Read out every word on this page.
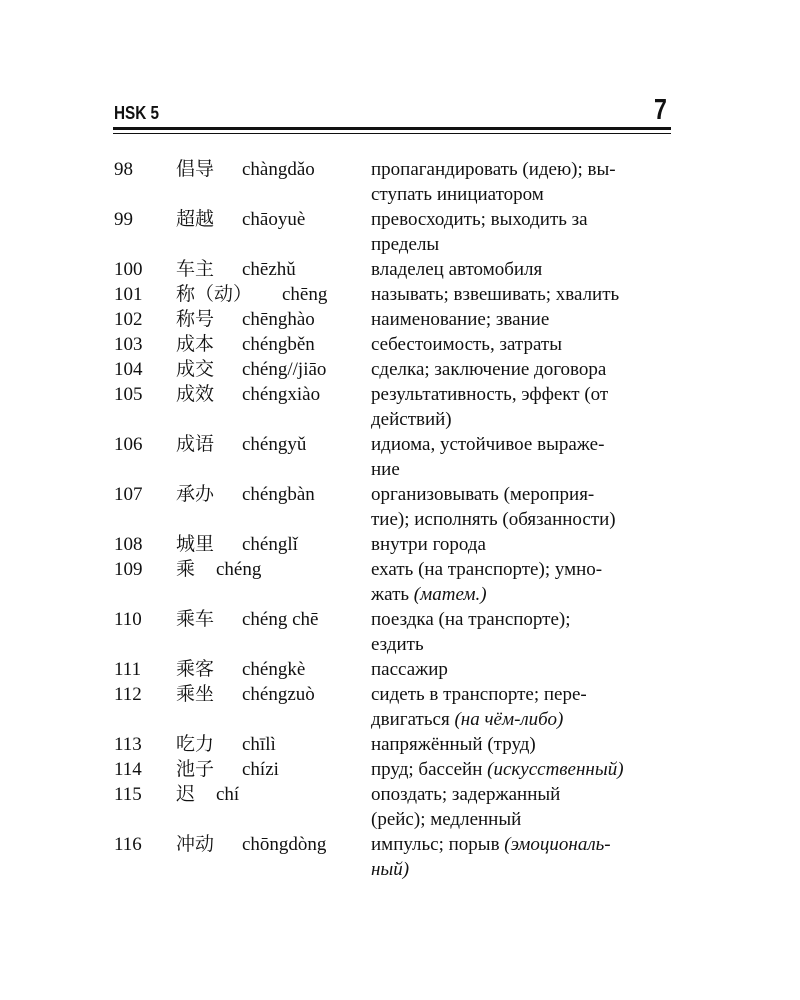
HSK 5	7
98 倡导 chàngdǎo	пропагандировать (идею); вы-
ступать инициатором
99 超越 chāoyuè	превосходить; выходить за
пределы
100 车主 chēzhǔ	владелец автомобиля
101 称（动） chēng называть; взвешивать; хвалить
102 称号 chēnghào	наименование; звание
103 成本 chéngběn	себестоимость, затраты
104 成交 chéng//jiāo сделка; заключение договора
105 成效 chéngxiào	результативность, эффект (от
действий)
106 成语 chéngyǔ	идиома, устойчивое выраже-
ние
107 承办 chéngbàn	организовывать (мероприя-
тие); исполнять (обязанности)
108 城里 chénglǐ	внутри города
109 乘 chéng	ехать (на транспорте); умно-
жать (матем.)
110 乘车 chéng chē	поездка (на транспорте);
ездить
111 乘客 chéngkè	пассажир
112 乘坐 chéngzuò	сидеть в транспорте; пере-
двигаться (на чём-либо)
113 吃力 chīlì	напряжённый (труд)
114 池子 chízi	пруд; бассейн (искусственный)
115 迟 chí	опоздать; задержанный
(рейс); медленный
116 冲动 chōngdòng импульс; порыв (эмоциональ-
ный)
